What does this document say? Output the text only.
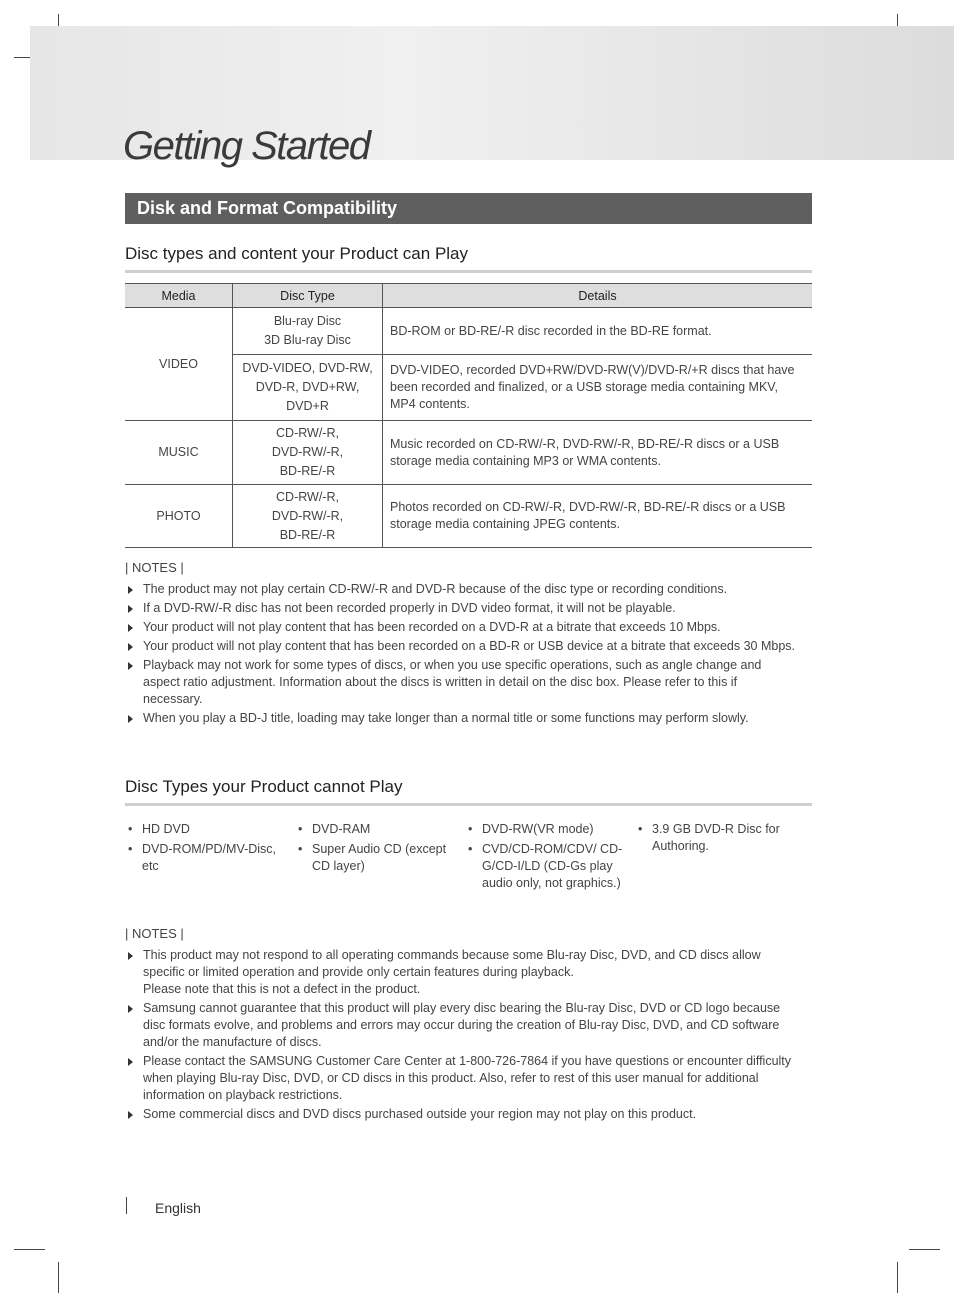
Getting Started
Disk and Format Compatibility
Disc types and content your Product can Play
Media	Disc Type	Details
VIDEO	Blu-ray Disc
3D Blu-ray Disc	BD-ROM or BD-RE/-R disc recorded in the BD-RE format.

	DVD-VIDEO, DVD-RW,
DVD-R, DVD+RW,
DVD+R	DVD-VIDEO, recorded DVD+RW/DVD-RW(V)/DVD-R/+R discs that have been recorded and finalized, or a USB storage media containing MKV, MP4 contents.
MUSIC	CD-RW/-R,
DVD-RW/-R,
BD-RE/-R	Music recorded on CD-RW/-R, DVD-RW/-R, BD-RE/-R discs or a USB storage media containing MP3 or WMA contents.
PHOTO	CD-RW/-R,
DVD-RW/-R,
BD-RE/-R	Photos recorded on CD-RW/-R, DVD-RW/-R, BD-RE/-R discs or a USB storage media containing JPEG contents.

| NOTES |

The product may not play certain CD-RW/-R and DVD-R because of the disc type or recording conditions.
If a DVD-RW/-R disc has not been recorded properly in DVD video format, it will not be playable.
Your product will not play content that has been recorded on a DVD-R at a bitrate that exceeds 10 Mbps.
Your product will not play content that has been recorded on a BD-R or USB device at a bitrate that exceeds 30 Mbps.
Playback may not work for some types of discs, or when you use specific operations, such as angle change and aspect ratio adjustment. Information about the discs is written in detail on the disc box. Please refer to this if necessary.
When you play a BD-J title, loading may take longer than a normal title or some functions may perform slowly.
Disc Types your Product cannot Play
• HD DVD
• DVD-ROM/PD/MV-Disc, etc
• DVD-RAM
• Super Audio CD (except CD layer)
• DVD-RW(VR mode)
• CVD/CD-ROM/CDV/ CD-G/CD-I/LD (CD-Gs play audio only, not graphics.)
• 3.9 GB DVD-R Disc for Authoring.

| NOTES |

This product may not respond to all operating commands because some Blu-ray Disc, DVD, and CD discs allow specific or limited operation and provide only certain features during playback.
Please note that this is not a defect in the product.
Samsung cannot guarantee that this product will play every disc bearing the Blu-ray Disc, DVD or CD logo because disc formats evolve, and problems and errors may occur during the creation of Blu-ray Disc, DVD, and CD software and/or the manufacture of discs.
Please contact the SAMSUNG Customer Care Center at 1-800-726-7864 if you have questions or encounter difficulty when playing Blu-ray Disc, DVD, or CD discs in this product. Also, refer to rest of this user manual for additional information on playback restrictions.
Some commercial discs and DVD discs purchased outside your region may not play on this product.
English
